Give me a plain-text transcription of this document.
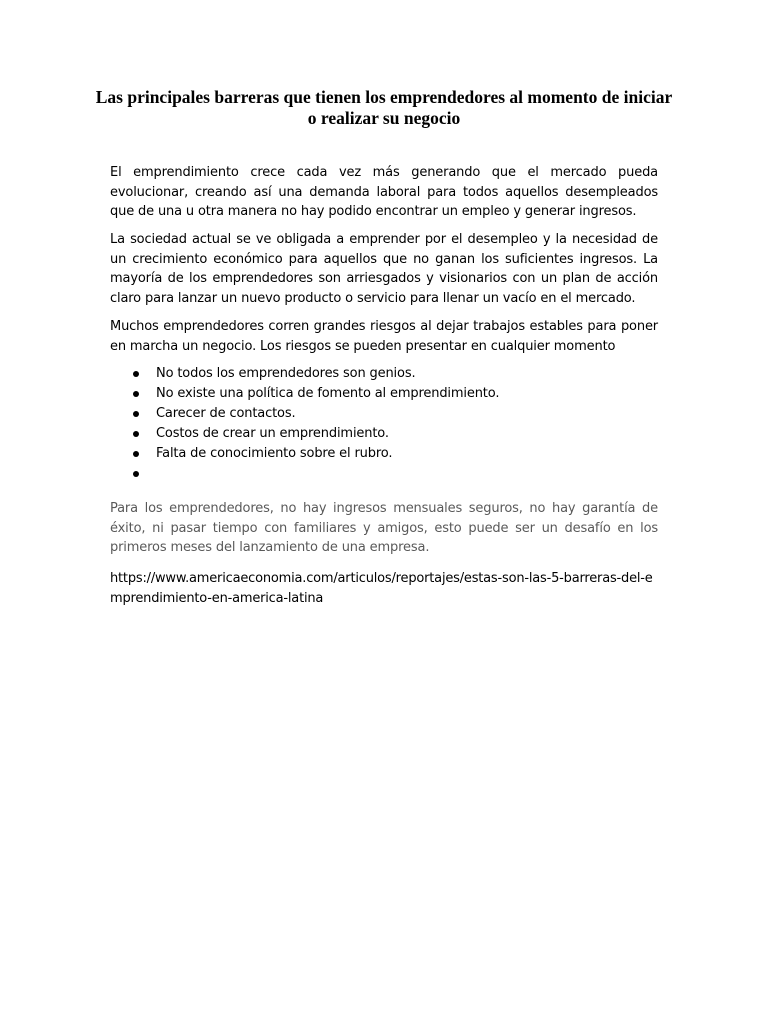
Las principales barreras que tienen los emprendedores al momento de iniciar o realizar su negocio

El emprendimiento crece cada vez más generando que el mercado pueda evolucionar, creando así una demanda laboral para todos aquellos desempleados que de una u otra manera no hay podido encontrar un empleo y generar ingresos.

La sociedad actual se ve obligada a emprender por el desempleo y la necesidad de un crecimiento económico para aquellos que no ganan los suficientes ingresos. La mayoría de los emprendedores son arriesgados y visionarios con un plan de acción claro para lanzar un nuevo producto o servicio para llenar un vacío en el mercado.

Muchos emprendedores corren grandes riesgos al dejar trabajos estables para poner en marcha un negocio. Los riesgos se pueden presentar en cualquier momento

No todos los emprendedores son genios.
No existe una política de fomento al emprendimiento.
Carecer de contactos.
Costos de crear un emprendimiento.
Falta de conocimiento sobre el rubro.

Para los emprendedores, no hay ingresos mensuales seguros, no hay garantía de éxito, ni pasar tiempo con familiares y amigos, esto puede ser un desafío en los primeros meses del lanzamiento de una empresa.

https://www.americaeconomia.com/articulos/reportajes/estas-son-las-5-barreras-del-emprendimiento-en-america-latina
